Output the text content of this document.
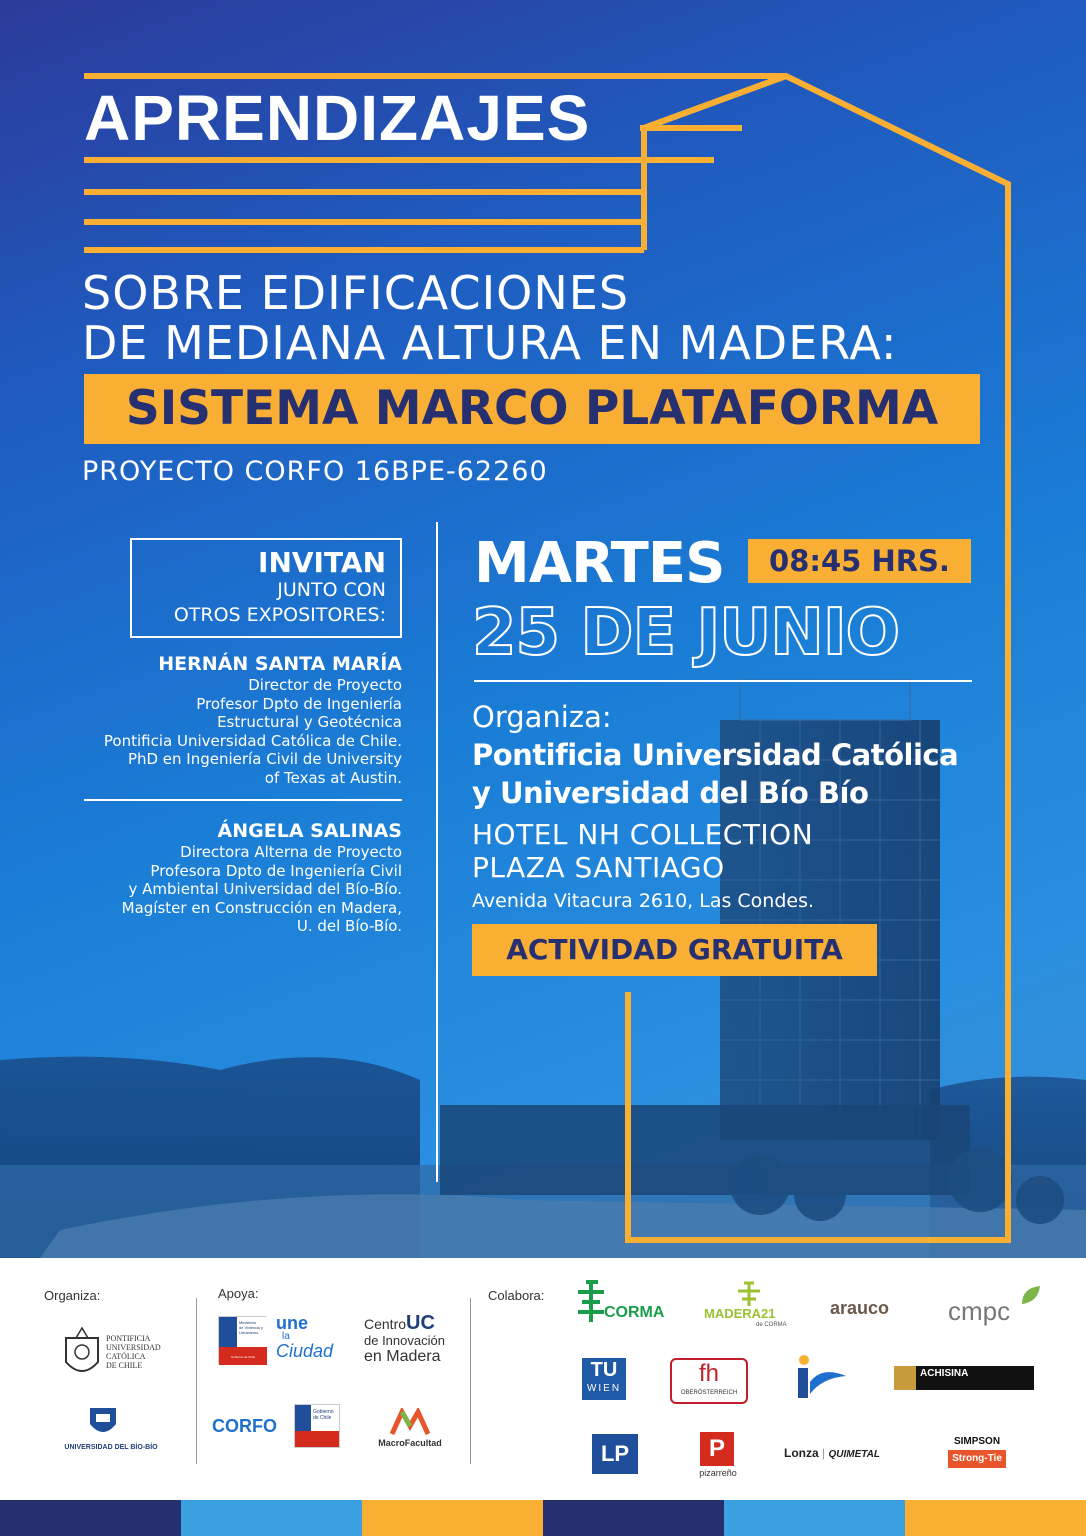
APRENDIZAJES
SOBRE EDIFICACIONES
DE MEDIANA ALTURA EN MADERA:
SISTEMA MARCO PLATAFORMA
PROYECTO CORFO 16BPE-62260
INVITAN
JUNTO CON
OTROS EXPOSITORES:
HERNÁN SANTA MARÍA
Director de Proyecto
Profesor Dpto de Ingeniería
Estructural y Geotécnica
Pontificia Universidad Católica de Chile.
PhD en Ingeniería Civil de University
of Texas at Austin.
ÁNGELA SALINAS
Directora Alterna de Proyecto
Profesora Dpto de Ingeniería Civil
y Ambiental Universidad del Bío-Bío.
Magíster en Construcción en Madera,
U. del Bío-Bío.
MARTES	08:45 HRS.
25 DE JUNIO
Organiza:
Pontificia Universidad Católica
y Universidad del Bío Bío
HOTEL NH COLLECTION
PLAZA SANTIAGO
Avenida Vitacura 2610, Las Condes.
ACTIVIDAD GRATUITA
Organiza:	Apoya:	Colabora:
PONTIFICIA
UNIVERSIDAD
CATÓLICA
DE CHILE
UNIVERSIDAD DEL BÍO-BÍO
Ministerio
de Vivienda y
Urbanismo
Gobierno de Chile
une
la
Ciudad
CentroUC
de Innovación
en Madera
CORFO
Gobierno
de Chile
MacroFacultad
CORMA	MADERA21
de CORMA
arauco	cmpc
TU
WIEN
fh
OBERÖSTERREICH
ACHISINA
LP	P
pizarreño
Lonza | QUIMETAL
SIMPSON
Strong-Tie
